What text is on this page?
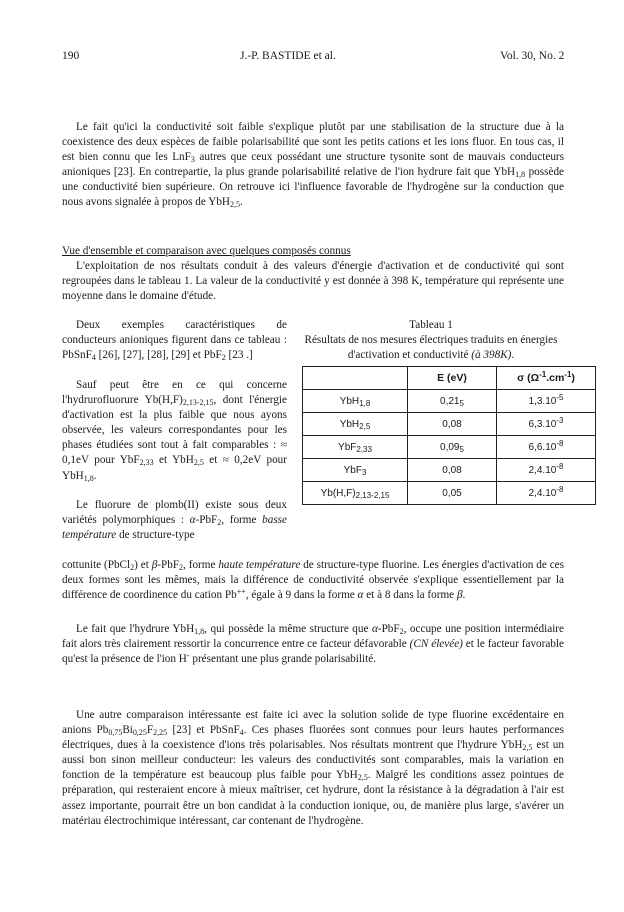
190	J.-P. BASTIDE et al.	Vol. 30, No. 2

Le fait qu'ici la conductivité soit faible s'explique plutôt par une stabilisation de la structure due à la coexistence des deux espèces de faible polarisabilité que sont les petits cations et les ions fluor. En tous cas, il est bien connu que les LnF$_3$ autres que ceux possédant une structure tysonite sont de mauvais conducteurs anioniques [23]. En contrepartie, la plus grande polarisabilité relative de l'ion hydrure fait que YbH$_{1,8}$ possède une conductivité bien supérieure. On retrouve ici l'influence favorable de l'hydrogène sur la conduction que nous avons signalée à propos de YbH$_{2,5}$.

Vue d'ensemble et comparaison avec quelques composés connus

L'exploitation de nos résultats conduit à des valeurs d'énergie d'activation et de conductivité qui sont regroupées dans le tableau 1. La valeur de la conductivité y est donnée à 398 K, température qui représente une moyenne dans le domaine d'étude.

Deux exemples caractéristiques de conducteurs anioniques figurent dans ce tableau : PbSnF$_4$ [26], [27], [28], [29] et PbF$_2$ [23 .]

Sauf peut être en ce qui concerne l'hydrurofluorure $Yb(H,F)_{2,13-2,15}$, dont l'énergie d'activation est la plus faible que nous ayons observée, les valeurs correspondantes pour les phases étudiées sont tout à fait comparables : ≈ 0,1eV pour YbF$_{2,33}$ et YbH$_{2,5}$ et ≈ 0,2eV pour YbH$_{1,8}$.

Le fluorure de plomb(II) existe sous deux variétés polymorphiques : α-PbF$_2$, forme basse température de structure-type

Tableau 1
Résultats de nos mesures électriques traduits en énergies d'activation et conductivité (à 398K).
	E (eV)	σ $(\Omega^{-1}.cm^{-1})$
YbH$_{1,8}$	$0,21_5$	$1,3.10^{-5}$
YbH$_{2,5}$	0,08	$6,3.10^{-3}$
YbF$_{2,33}$	$0,09_5$	$6,6.10^{-8}$
YbF$_3$	0,08	$2,4.10^{-8}$
$Yb(H,F)_{2,13-2,15}$	0,05	$2,4.10^{-8}$

cottunite (PbCl$_2$) et β-PbF$_2$, forme haute température de structure-type fluorine. Les énergies d'activation de ces deux formes sont les mêmes, mais la différence de conductivité observée s'explique essentiellement par la différence de coordinence du cation Pb++, égale à 9 dans la forme α et à 8 dans la forme β.

Le fait que l'hydrure YbH$_{1,8}$, qui possède la même structure que α-PbF$_2$, occupe une position intermédiaire fait alors très clairement ressortir la concurrence entre ce facteur défavorable (CN élevée) et le facteur favorable qu'est la présence de l'ion H- présentant une plus grande polarisabilité.

Une autre comparaison intéressante est faite ici avec la solution solide de type fluorine excédentaire en anions $Pb_{0,75}Bi_{0,25}F_{2,25}$ [23] et PbSnF$_4$. Ces phases fluorées sont connues pour leurs hautes performances électriques, dues à la coexistence d'ions très polarisables. Nos résultats montrent que l'hydrure YbH$_{2,5}$ est un aussi bon sinon meilleur conducteur: les valeurs des conductivités sont comparables, mais la variation en fonction de la température est beaucoup plus faible pour YbH$_{2,5}$. Malgré les conditions assez pointues de préparation, qui resteraient encore à mieux maîtriser, cet hydrure, dont la résistance à la dégradation à l'air est assez importante, pourrait être un bon candidat à la conduction ionique, ou, de manière plus large, s'avérer un matériau électrochimique intéressant, car contenant de l'hydrogène.
